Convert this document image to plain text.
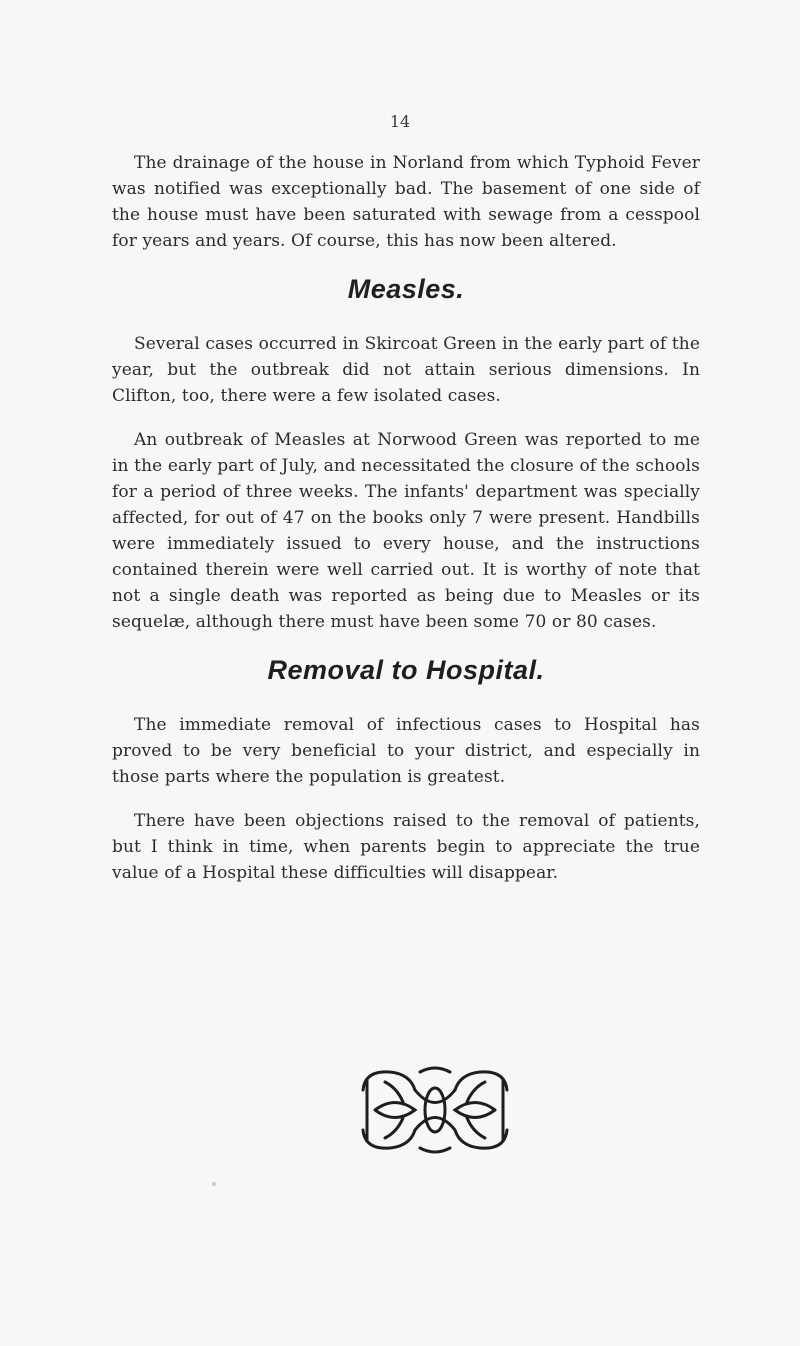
14

The drainage of the house in Norland from which Typhoid Fever was notified was exceptionally bad. The basement of one side of the house must have been saturated with sewage from a cesspool for years and years. Of course, this has now been altered.

Measles.

Several cases occurred in Skircoat Green in the early part of the year, but the outbreak did not attain serious dimensions. In Clifton, too, there were a few isolated cases.

An outbreak of Measles at Norwood Green was reported to me in the early part of July, and necessitated the closure of the schools for a period of three weeks. The infants' department was specially affected, for out of 47 on the books only 7 were present. Handbills were immediately issued to every house, and the instructions contained therein were well carried out. It is worthy of note that not a single death was reported as being due to Measles or its sequelæ, although there must have been some 70 or 80 cases.

Removal to Hospital.

The immediate removal of infectious cases to Hospital has proved to be very beneficial to your district, and especially in those parts where the population is greatest.

There have been objections raised to the removal of patients, but I think in time, when parents begin to appreciate the true value of a Hospital these difficulties will disappear.
